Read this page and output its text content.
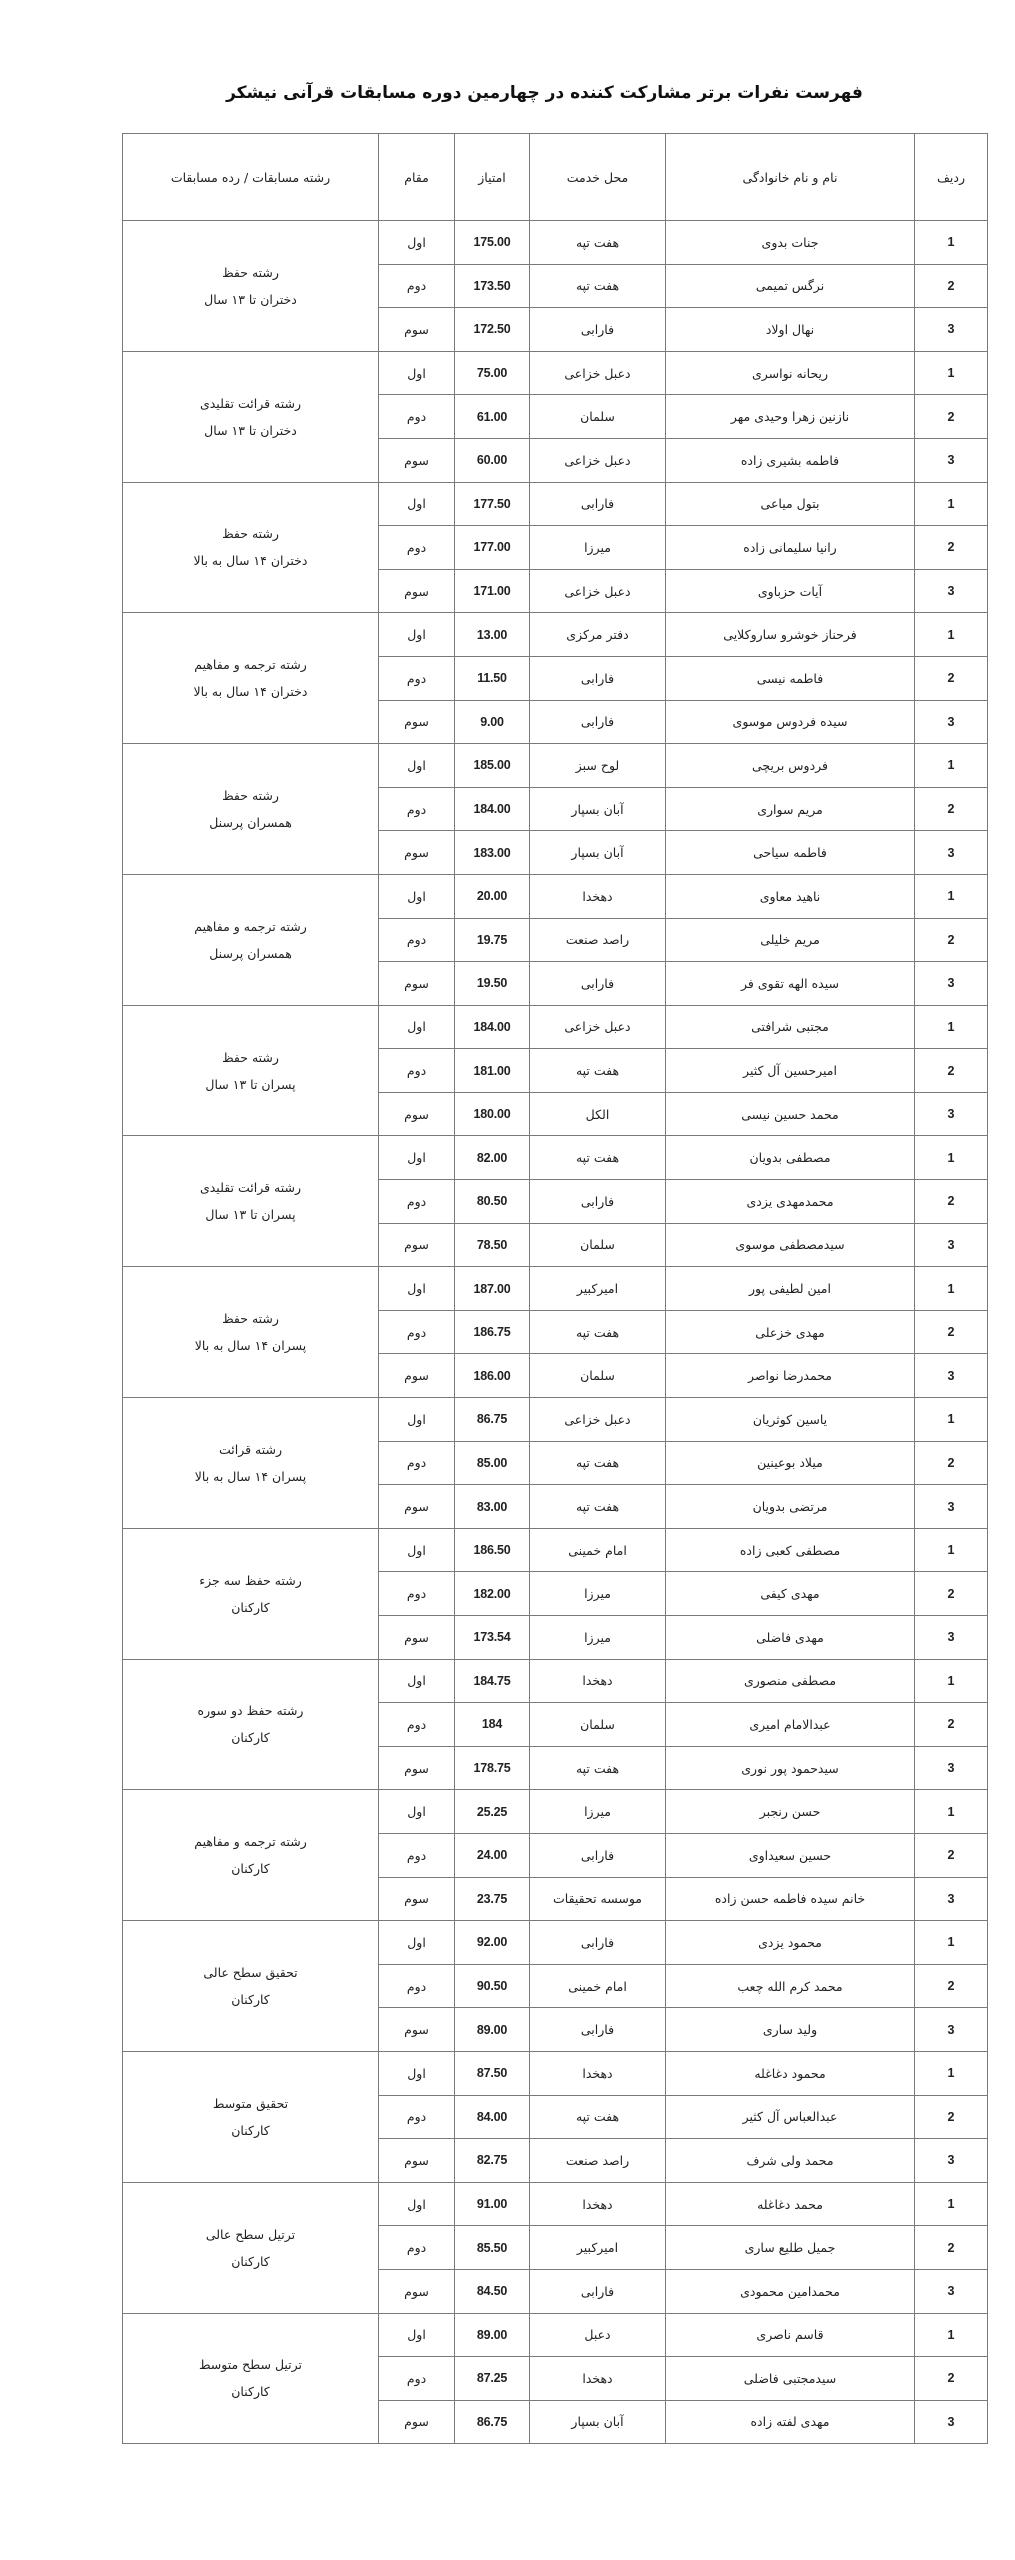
فهرست نفرات برتر مشارکت کننده در چهارمین دوره مسابقات قرآنی نیشکر
ردیف	نام و نام خانوادگی	محل خدمت	امتیاز	مقام	رشته مسابقات / رده مسابقات
1	جنات بدوی	هفت تپه	175.00	اول	رشته حفظ
دختران تا ۱۳ سال

2	نرگس تمیمی	هفت تپه	173.50	دوم	
3	نهال اولاد	فارابی	172.50	سوم	
1	ریحانه نواسری	دعبل خزاعی	75.00	اول	رشته قرائت تقلیدی
دختران تا ۱۳ سال

2	نازنین زهرا وحیدی مهر	سلمان	61.00	دوم	
3	فاطمه بشیری زاده	دعبل خزاعی	60.00	سوم	
1	بتول میاعی	فارابی	177.50	اول	رشته حفظ
دختران ۱۴ سال به بالا

2	رانیا سلیمانی زاده	میرزا	177.00	دوم	
3	آیات حزباوی	دعبل خزاعی	171.00	سوم	
1	فرحناز خوشرو ساروکلایی	دفتر مرکزی	13.00	اول	رشته ترجمه و مفاهیم
دختران ۱۴ سال به بالا

2	فاطمه نیسی	فارابی	11.50	دوم	
3	سیده فردوس موسوی	فارابی	9.00	سوم	
1	فردوس بریچی	لوح سبز	185.00	اول	رشته حفظ
همسران پرسنل

2	مریم سواری	آبان بسپار	184.00	دوم	
3	فاطمه سیاحی	آبان بسپار	183.00	سوم	
1	ناهید معاوی	دهخدا	20.00	اول	رشته ترجمه و مفاهیم
همسران پرسنل

2	مریم خلیلی	راصد صنعت	19.75	دوم	
3	سیده الهه تقوی فر	فارابی	19.50	سوم	
1	مجتبی شرافتی	دعبل خزاعی	184.00	اول	رشته حفظ
پسران تا ۱۳ سال

2	امیرحسین آل کثیر	هفت تپه	181.00	دوم	
3	محمد حسین نیسی	الکل	180.00	سوم	
1	مصطفی بدویان	هفت تپه	82.00	اول	رشته قرائت تقلیدی
پسران تا ۱۳ سال

2	محمدمهدی یزدی	فارابی	80.50	دوم	
3	سیدمصطفی موسوی	سلمان	78.50	سوم	
1	امین لطیفی پور	امیرکبیر	187.00	اول	رشته حفظ
پسران ۱۴ سال به بالا

2	مهدی خزعلی	هفت تپه	186.75	دوم	
3	محمدرضا نواصر	سلمان	186.00	سوم	
1	یاسین کوثریان	دعبل خزاعی	86.75	اول	رشته قرائت
پسران ۱۴ سال به بالا

2	میلاد بوعینین	هفت تپه	85.00	دوم	
3	مرتضی بدویان	هفت تپه	83.00	سوم	
1	مصطفی کعبی زاده	امام خمینی	186.50	اول	رشته حفظ سه جزء
کارکنان

2	مهدی کیفی	میرزا	182.00	دوم	
3	مهدی فاضلی	میرزا	173.54	سوم	
1	مصطفی منصوری	دهخدا	184.75	اول	رشته حفظ دو سوره
کارکنان

2	عبدالامام امیری	سلمان	184	دوم	
3	سیدحمود پور نوری	هفت تپه	178.75	سوم	
1	حسن رنجبر	میرزا	25.25	اول	رشته ترجمه و مفاهیم
کارکنان

2	حسین سعیداوی	فارابی	24.00	دوم	
3	خانم سیده فاطمه حسن زاده	موسسه تحقیقات	23.75	سوم	
1	محمود یزدی	فارابی	92.00	اول	تحقیق سطح عالی
کارکنان

2	محمد کرم الله چعب	امام خمینی	90.50	دوم	
3	ولید ساری	فارابی	89.00	سوم	
1	محمود دغاغله	دهخدا	87.50	اول	تحقیق متوسط
کارکنان

2	عبدالعباس آل کثیر	هفت تپه	84.00	دوم	
3	محمد ولی شرف	راصد صنعت	82.75	سوم	
1	محمد دغاغله	دهخدا	91.00	اول	ترتیل سطح عالی
کارکنان

2	جمیل طلیع ساری	امیرکبیر	85.50	دوم	
3	محمدامین محمودی	فارابی	84.50	سوم	
1	قاسم ناصری	دعبل	89.00	اول	ترتیل سطح متوسط
کارکنان

2	سیدمجتبی فاضلی	دهخدا	87.25	دوم	
3	مهدی لفته زاده	آبان بسپار	86.75	سوم	
